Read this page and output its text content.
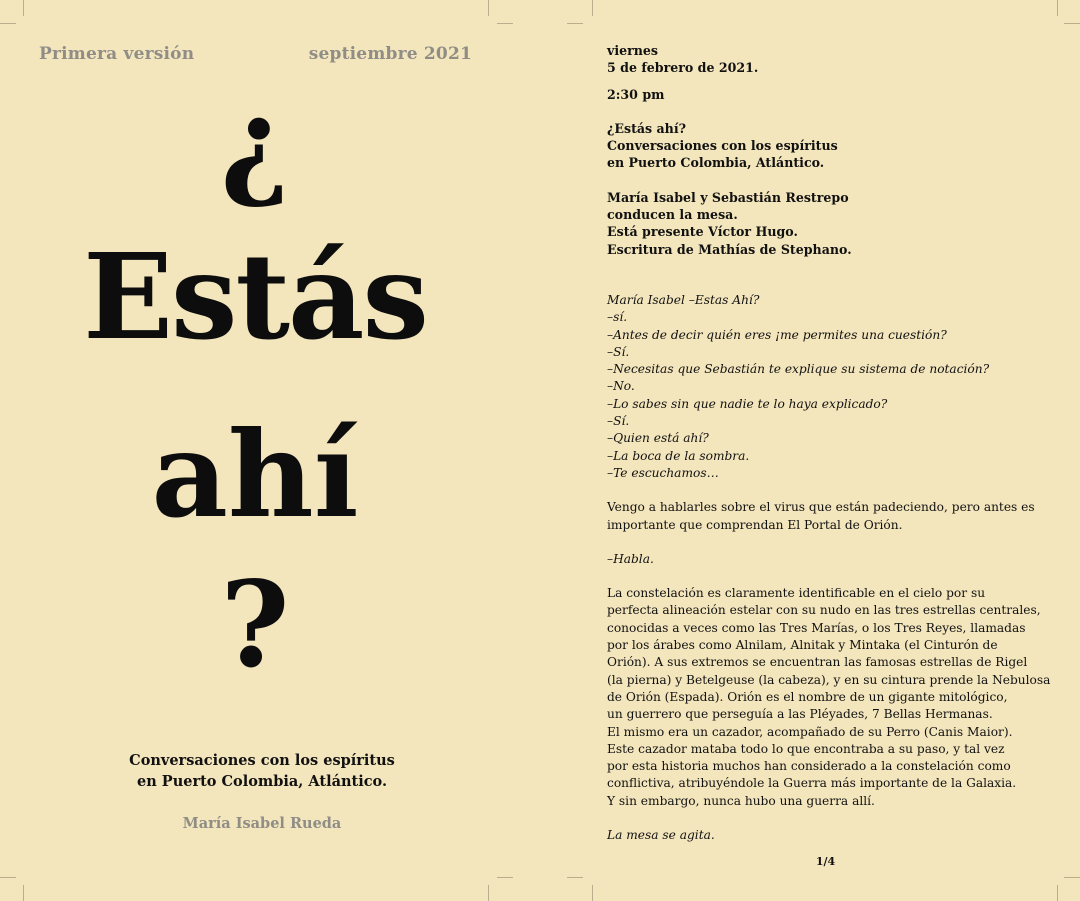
Primera versión	septiembre 2021
¿
Estás
ahí
?
Conversaciones con los espíritus
en Puerto Colombia, Atlántico.
María Isabel Rueda
viernes
5 de febrero de 2021.
2:30 pm
¿Estás ahí?
Conversaciones con los espíritus
en Puerto Colombia, Atlántico.
María Isabel y Sebastián Restrepo
conducen la mesa.
Está presente Víctor Hugo.
Escritura de Mathías de Stephano.
María Isabel –Estas Ahí?
–sí.
–Antes de decir quién eres ¡me permites una cuestión?
–Sí.
–Necesitas que Sebastián te explique su sistema de notación?
–No.
–Lo sabes sin que nadie te lo haya explicado?
–Sí.
–Quien está ahí?
–La boca de la sombra.
–Te escuchamos…
Vengo a hablarles sobre el virus que están padeciendo, pero antes es
importante que comprendan El Portal de Orión.
–Habla.
La constelación es claramente identificable en el cielo por su
perfecta alineación estelar con su nudo en las tres estrellas centrales,
conocidas a veces como las Tres Marías, o los Tres Reyes, llamadas
por los árabes como Alnilam, Alnitak y Mintaka (el Cinturón de
Orión). A sus extremos se encuentran las famosas estrellas de Rigel
(la pierna) y Betelgeuse (la cabeza), y en su cintura prende la Nebulosa
de Orión (Espada). Orión es el nombre de un gigante mitológico,
un guerrero que perseguía a las Pléyades, 7 Bellas Hermanas.
El mismo era un cazador, acompañado de su Perro (Canis Maior).
Este cazador mataba todo lo que encontraba a su paso, y tal vez
por esta historia muchos han considerado a la constelación como
conflictiva, atribuyéndole la Guerra más importante de la Galaxia.
Y sin embargo, nunca hubo una guerra allí.
La mesa se agita.
1/4
